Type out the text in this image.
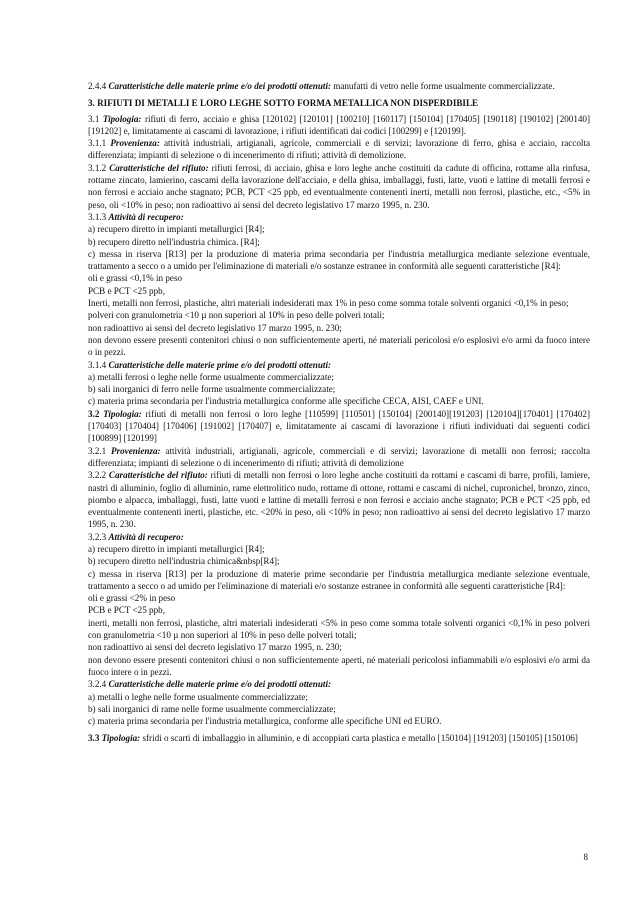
2.4.4 Caratteristiche delle materie prime e/o dei prodotti ottenuti: manufatti di vetro nelle forme usualmente commercializzate.

3. RIFIUTI DI METALLI E LORO LEGHE SOTTO FORMA METALLICA NON DISPERDIBILE

3.1 Tipologia: rifiuti di ferro, acciaio e ghisa [120102] [120101] [100210] [160117] [150104] [170405] [190118] [190102] [200140] [191202] e, limitatamente ai cascami di lavorazione, i rifiuti identificati dai codici [100299] e [120199].

3.1.1 Provenienza: attività industriali, artigianali, agricole, commerciali e di servizi; lavorazione di ferro, ghisa e acciaio, raccolta differenziata; impianti di selezione o di incenerimento di rifiuti; attività di demolizione.

3.1.2 Caratteristiche del rifiuto: rifiuti ferrosi, di acciaio, ghisa e loro leghe anche costituiti da cadute di officina, rottame alla rinfusa, rottame zincato, lamierino, cascami della lavorazione dell'acciaio, e della ghisa, imballaggi, fusti, latte, vuoti e lattine di metalli ferrosi e non ferrosi e acciaio anche stagnato; PCB, PCT <25 ppb, ed eventualmente contenenti inerti, metalli non ferrosi, plastiche, etc., <5% in peso, oli <10% in peso; non radioattivo ai sensi del decreto legislativo 17 marzo 1995, n. 230.

3.1.3 Attività di recupero:

a) recupero diretto in impianti metallurgici [R4];

b) recupero diretto nell'industria chimica. [R4];

c) messa in riserva [R13] per la produzione di materia prima secondaria per l'industria metallurgica mediante selezione eventuale, trattamento a secco o a umido per l'eliminazione di materiali e/o sostanze estranee in conformità alle seguenti caratteristiche [R4]:

oli e grassi <0,1% in peso

PCB e PCT <25 ppb,

Inerti, metalli non ferrosi, plastiche, altri materiali indesiderati max 1% in peso come somma totale solventi organici <0,1% in peso;

polveri con granulometria <10 µ non superiori al 10% in peso delle polveri totali;

non radioattivo ai sensi del decreto legislativo 17 marzo 1995, n. 230;

non devono essere presenti contenitori chiusi o non sufficientemente aperti, né materiali pericolosi e/o esplosivi e/o armi da fuoco intere o in pezzi.

3.1.4 Caratteristiche delle materie prime e/o dei prodotti ottenuti:

a) metalli ferrosi o leghe nelle forme usualmente commercializzate;

b) sali inorganici di ferro nelle forme usualmente commercializzate;

c) materia prima secondaria per l'industria metallurgica conforme alle specifiche CECA, AISI, CAEF e UNI.

3.2 Tipologia: rifiuti di metalli non ferrosi o loro leghe [110599] [110501] [150104] [200140][191203] [120104][170401] [170402] [170403] [170404] [170406] [191002] [170407] e, limitatamente ai cascami di lavorazione i rifiuti individuati dai seguenti codici [100899] [120199]

3.2.1 Provenienza: attività industriali, artigianali, agricole, commerciali e di servizi; lavorazione di metalli non ferrosi; raccolta differenziata; impianti di selezione o di incenerimento di rifiuti; attività di demolizione

3.2.2 Caratteristiche del rifiuto: rifiuti di metalli non ferrosi o loro leghe anche costituiti da rottami e cascami di barre, profili, lamiere, nastri di alluminio, foglio di alluminio, rame elettrolitico nudo, rottame di ottone, rottami e cascami di nichel, cupronichel, bronzo, zinco, piombo e alpacca, imballaggi, fusti, latte vuoti e lattine di metalli ferrosi e non ferrosi e acciaio anche stagnato; PCB e PCT <25 ppb, ed eventualmente contenenti inerti, plastiche, etc. <20% in peso, oli <10% in peso; non radioattivo ai sensi del decreto legislativo 17 marzo 1995, n. 230.

3.2.3 Attività di recupero:

a) recupero diretto in impianti metallurgici [R4];

b) recupero diretto nell'industria chimica&nbsp[R4];

c) messa in riserva [R13] per la produzione di materie prime secondarie per l'industria metallurgica mediante selezione eventuale, trattamento a secco o ad umido per l'eliminazione di materiali e/o sostanze estranee in conformità alle seguenti caratteristiche [R4]:

oli e grassi <2% in peso

PCB e PCT <25 ppb,

inerti, metalli non ferrosi, plastiche, altri materiali indesiderati <5% in peso come somma totale solventi organici <0,1% in peso polveri con granulometria <10 µ non superiori al 10% in peso delle polveri totali;

non radioattivo ai sensi del decreto legislativo 17 marzo 1995, n. 230;

non devono essere presenti contenitori chiusi o non sufficientemente aperti, né materiali pericolosi infiammabili e/o esplosivi e/o armi da fuoco intere o in pezzi.

3.2.4 Caratteristiche delle materie prime e/o dei prodotti ottenuti:

a) metalli o leghe nelle forme usualmente commercializzate;

b) sali inorganici di rame nelle forme usualmente commercializzate;

c) materia prima secondaria per l'industria metallurgica, conforme alle specifiche UNI ed EURO.

3.3 Tipologia: sfridi o scarti di imballaggio in alluminio, e di accoppiati carta plastica e metallo [150104] [191203] [150105] [150106]

8
